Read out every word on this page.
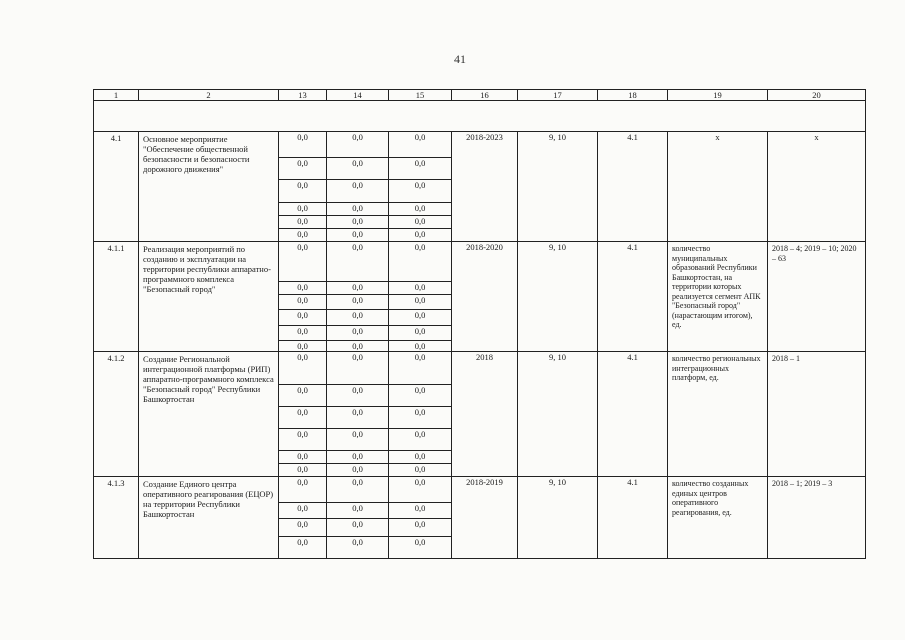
41
1	2	13	14	15	16	17	18	19	20

4.1	Основное мероприятие "Обеспечение общественной безопасности и безопасности дорожного движения"	0,0	0,0	0,0	2018-2023	9, 10	4.1	х	х
		0,0	0,0	0,0					
		0,0	0,0	0,0					
		0,0	0,0	0,0					
		0,0	0,0	0,0					
		0,0	0,0	0,0					
4.1.1	Реализация мероприятий по созданию и эксплуатации на территории республики аппаратно-программного комплекса "Безопасный город"	0,0	0,0	0,0	2018-2020	9, 10	4.1	количество муниципальных образований Республики Башкортостан, на территории которых реализуется сегмент АПК "Безопасный город" (нарастающим итогом), ед.	2018 – 4; 2019 – 10; 2020 – 63
		0,0	0,0	0,0					
		0,0	0,0	0,0					
		0,0	0,0	0,0					
		0,0	0,0	0,0					
		0,0	0,0	0,0					
4.1.2	Создание Региональной интеграционной платформы (РИП) аппаратно-программного комплекса "Безопасный город" Республики Башкортостан	0,0	0,0	0,0	2018	9, 10	4.1	количество региональных интеграционных платформ, ед.	2018 – 1
		0,0	0,0	0,0					
		0,0	0,0	0,0					
		0,0	0,0	0,0					
		0,0	0,0	0,0					
		0,0	0,0	0,0					
4.1.3	Создание Единого центра оперативного реагирования (ЕЦОР) на территории Республики Башкортостан	0,0	0,0	0,0	2018-2019	9, 10	4.1	количество созданных единых центров оперативного реагирования, ед.	2018 – 1; 2019 – 3
		0,0	0,0	0,0					
		0,0	0,0	0,0					
		0,0	0,0	0,0					
